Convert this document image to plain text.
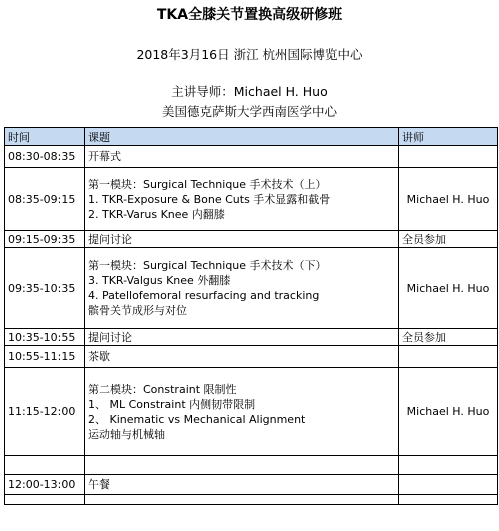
TKA全膝关节置换高级研修班
2018年3月16日 浙江 杭州国际博览中心
主讲导师：Michael H. Huo
美国德克萨斯大学西南医学中心
时间	课题	讲师
08:30-08:35	开幕式	

08:35-09:15	第一模块：Surgical Technique 手术技术（上）
1. TKR-Exposure & Bone Cuts 手术显露和截骨
2. TKR-Varus Knee 内翻膝	Michael H. Huo
09:15-09:35	提问讨论	全员参加
09:35-10:35	第一模块：Surgical Technique 手术技术（下）
3. TKR-Valgus Knee 外翻膝
4. Patellofemoral resurfacing and tracking
髌骨关节成形与对位	Michael H. Huo
10:35-10:55	提问讨论	全员参加
10:55-11:15	茶歇	

11:15-12:00	第二模块：Constraint 限制性
1、 ML Constraint 内侧韧带限制
2、 Kinematic vs Mechanical Alignment
运动轴与机械轴	Michael H. Huo

12:00-13:00	午餐	
